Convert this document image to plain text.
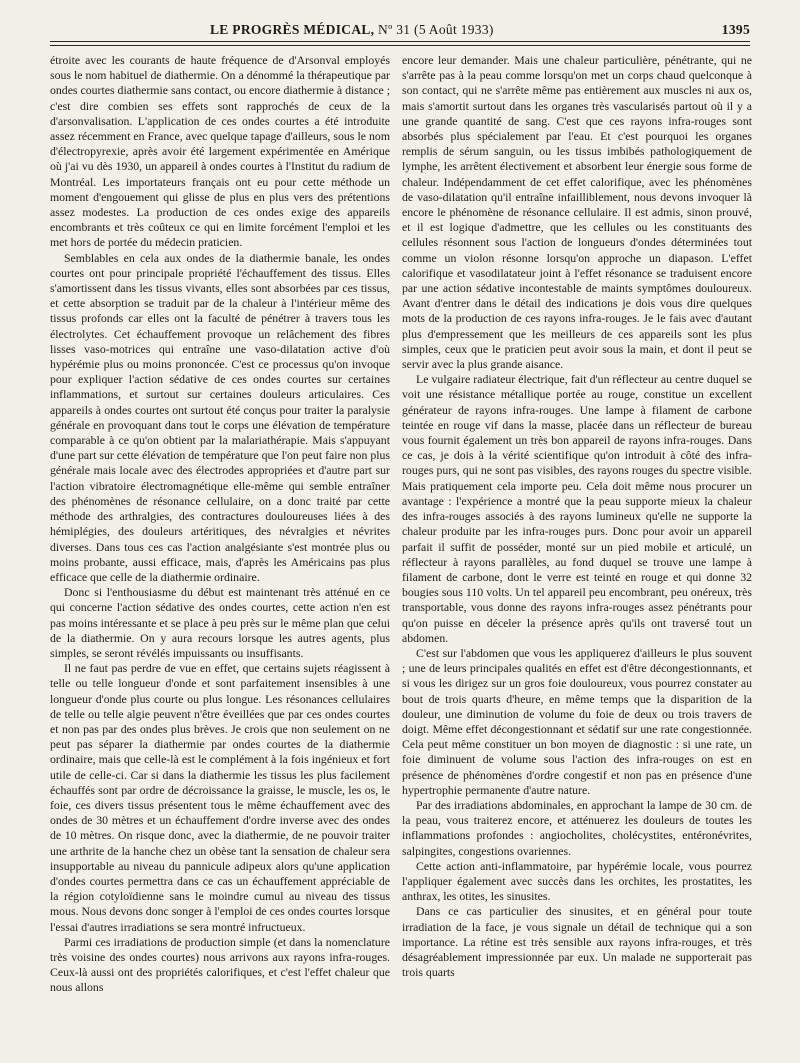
LE PROGRÈS MÉDICAL, Nº 31 (5 Août 1933)	1395

étroite avec les courants de haute fréquence de d'Arsonval employés sous le nom habituel de diathermie. On a dénommé la thérapeutique par ondes courtes diathermie sans contact, ou encore diathermie à distance ; c'est dire combien ses effets sont rapprochés de ceux de la d'arsonvalisation. L'application de ces ondes courtes a été introduite assez récemment en France, avec quelque tapage d'ailleurs, sous le nom d'électropyrexie, après avoir été largement expérimentée en Amérique où j'ai vu dès 1930, un appareil à ondes courtes à l'Institut du radium de Montréal. Les importateurs français ont eu pour cette méthode un moment d'engouement qui glisse de plus en plus vers des prétentions assez modestes. La production de ces ondes exige des appareils encombrants et très coûteux ce qui en limite forcément l'emploi et les met hors de portée du médecin praticien.

Semblables en cela aux ondes de la diathermie banale, les ondes courtes ont pour principale propriété l'échauffement des tissus. Elles s'amortissent dans les tissus vivants, elles sont absorbées par ces tissus, et cette absorption se traduit par de la chaleur à l'intérieur même des tissus profonds car elles ont la faculté de pénétrer à travers tous les électrolytes. Cet échauffement provoque un relâchement des fibres lisses vaso-motrices qui entraîne une vaso-dilatation active d'où hypérémie plus ou moins prononcée. C'est ce processus qu'on invoque pour expliquer l'action sédative de ces ondes courtes sur certaines inflammations, et surtout sur certaines douleurs articulaires. Ces appareils à ondes courtes ont surtout été conçus pour traiter la paralysie générale en provoquant dans tout le corps une élévation de température comparable à ce qu'on obtient par la malariathérapie. Mais s'appuyant d'une part sur cette élévation de température que l'on peut faire non plus générale mais locale avec des électrodes appropriées et d'autre part sur l'action vibratoire électromagnétique elle-même qui semble entraîner des phénomènes de résonance cellulaire, on a donc traité par cette méthode des arthralgies, des contractures douloureuses liées à des hémiplégies, des douleurs artéritiques, des névralgies et névrites diverses. Dans tous ces cas l'action analgésiante s'est montrée plus ou moins probante, aussi efficace, mais, d'après les Américains pas plus efficace que celle de la diathermie ordinaire.

Donc si l'enthousiasme du début est maintenant très atténué en ce qui concerne l'action sédative des ondes courtes, cette action n'en est pas moins intéressante et se place à peu près sur le même plan que celui de la diathermie. On y aura recours lorsque les autres agents, plus simples, se seront révélés impuissants ou insuffisants.

Il ne faut pas perdre de vue en effet, que certains sujets réagissent à telle ou telle longueur d'onde et sont parfaitement insensibles à une longueur d'onde plus courte ou plus longue. Les résonances cellulaires de telle ou telle algie peuvent n'être éveillées que par ces ondes courtes et non pas par des ondes plus brèves. Je crois que non seulement on ne peut pas séparer la diathermie par ondes courtes de la diathermie ordinaire, mais que celle-là est le complément à la fois ingénieux et fort utile de celle-ci. Car si dans la diathermie les tissus les plus facilement échauffés sont par ordre de décroissance la graisse, le muscle, les os, le foie, ces divers tissus présentent tous le même échauffement avec des ondes de 30 mètres et un échauffement d'ordre inverse avec des ondes de 10 mètres. On risque donc, avec la diathermie, de ne pouvoir traiter une arthrite de la hanche chez un obèse tant la sensation de chaleur sera insupportable au niveau du pannicule adipeux alors qu'une application d'ondes courtes permettra dans ce cas un échauffement appréciable de la région cotyloïdienne sans le moindre cumul au niveau des tissus mous. Nous devons donc songer à l'emploi de ces ondes courtes lorsque l'essai d'autres irradiations se sera montré infructueux.

Parmi ces irradiations de production simple (et dans la nomenclature très voisine des ondes courtes) nous arrivons aux rayons infra-rouges. Ceux-là aussi ont des propriétés calorifiques, et c'est l'effet chaleur que nous allons

encore leur demander. Mais une chaleur particulière, pénétrante, qui ne s'arrête pas à la peau comme lorsqu'on met un corps chaud quelconque à son contact, qui ne s'arrête même pas entièrement aux muscles ni aux os, mais s'amortit surtout dans les organes très vascularisés partout où il y a une grande quantité de sang. C'est que ces rayons infra-rouges sont absorbés plus spécialement par l'eau. Et c'est pourquoi les organes remplis de sérum sanguin, ou les tissus imbibés pathologiquement de lymphe, les arrêtent électivement et absorbent leur énergie sous forme de chaleur. Indépendamment de cet effet calorifique, avec les phénomènes de vaso-dilatation qu'il entraîne infailliblement, nous devons invoquer là encore le phénomène de résonance cellulaire. Il est admis, sinon prouvé, et il est logique d'admettre, que les cellules ou les constituants des cellules résonnent sous l'action de longueurs d'ondes déterminées tout comme un violon résonne lorsqu'on approche un diapason. L'effet calorifique et vasodilatateur joint à l'effet résonance se traduisent encore par une action sédative incontestable de maints symptômes douloureux. Avant d'entrer dans le détail des indications je dois vous dire quelques mots de la production de ces rayons infra-rouges. Je le fais avec d'autant plus d'empressement que les meilleurs de ces appareils sont les plus simples, ceux que le praticien peut avoir sous la main, et dont il peut se servir avec la plus grande aisance.

Le vulgaire radiateur électrique, fait d'un réflecteur au centre duquel se voit une résistance métallique portée au rouge, constitue un excellent générateur de rayons infra-rouges. Une lampe à filament de carbone teintée en rouge vif dans la masse, placée dans un réflecteur de bureau vous fournit également un très bon appareil de rayons infra-rouges. Dans ce cas, je dois à la vérité scientifique qu'on introduit à côté des infra-rouges purs, qui ne sont pas visibles, des rayons rouges du spectre visible. Mais pratiquement cela importe peu. Cela doit même nous procurer un avantage : l'expérience a montré que la peau supporte mieux la chaleur des infra-rouges associés à des rayons lumineux qu'elle ne supporte la chaleur produite par les infra-rouges purs. Donc pour avoir un appareil parfait il suffit de posséder, monté sur un pied mobile et articulé, un réflecteur à rayons parallèles, au fond duquel se trouve une lampe à filament de carbone, dont le verre est teinté en rouge et qui donne 32 bougies sous 110 volts. Un tel appareil peu encombrant, peu onéreux, très transportable, vous donne des rayons infra-rouges assez pénétrants pour qu'on puisse en déceler la présence après qu'ils ont traversé tout un abdomen.

C'est sur l'abdomen que vous les appliquerez d'ailleurs le plus souvent ; une de leurs principales qualités en effet est d'être décongestionnants, et si vous les dirigez sur un gros foie douloureux, vous pourrez constater au bout de trois quarts d'heure, en même temps que la disparition de la douleur, une diminution de volume du foie de deux ou trois travers de doigt. Même effet décongestionnant et sédatif sur une rate congestionnée. Cela peut même constituer un bon moyen de diagnostic : si une rate, un foie diminuent de volume sous l'action des infra-rouges on est en présence de phénomènes d'ordre congestif et non pas en présence d'une hypertrophie permanente d'autre nature.

Par des irradiations abdominales, en approchant la lampe de 30 cm. de la peau, vous traiterez encore, et atténuerez les douleurs de toutes les inflammations profondes : angiocholites, cholécystites, entéronévrites, salpingites, congestions ovariennes.

Cette action anti-inflammatoire, par hypérémie locale, vous pourrez l'appliquer également avec succès dans les orchites, les prostatites, les anthrax, les otites, les sinusites.

Dans ce cas particulier des sinusites, et en général pour toute irradiation de la face, je vous signale un détail de technique qui a son importance. La rétine est très sensible aux rayons infra-rouges, et très désagréablement impressionnée par eux. Un malade ne supporterait pas trois quarts
